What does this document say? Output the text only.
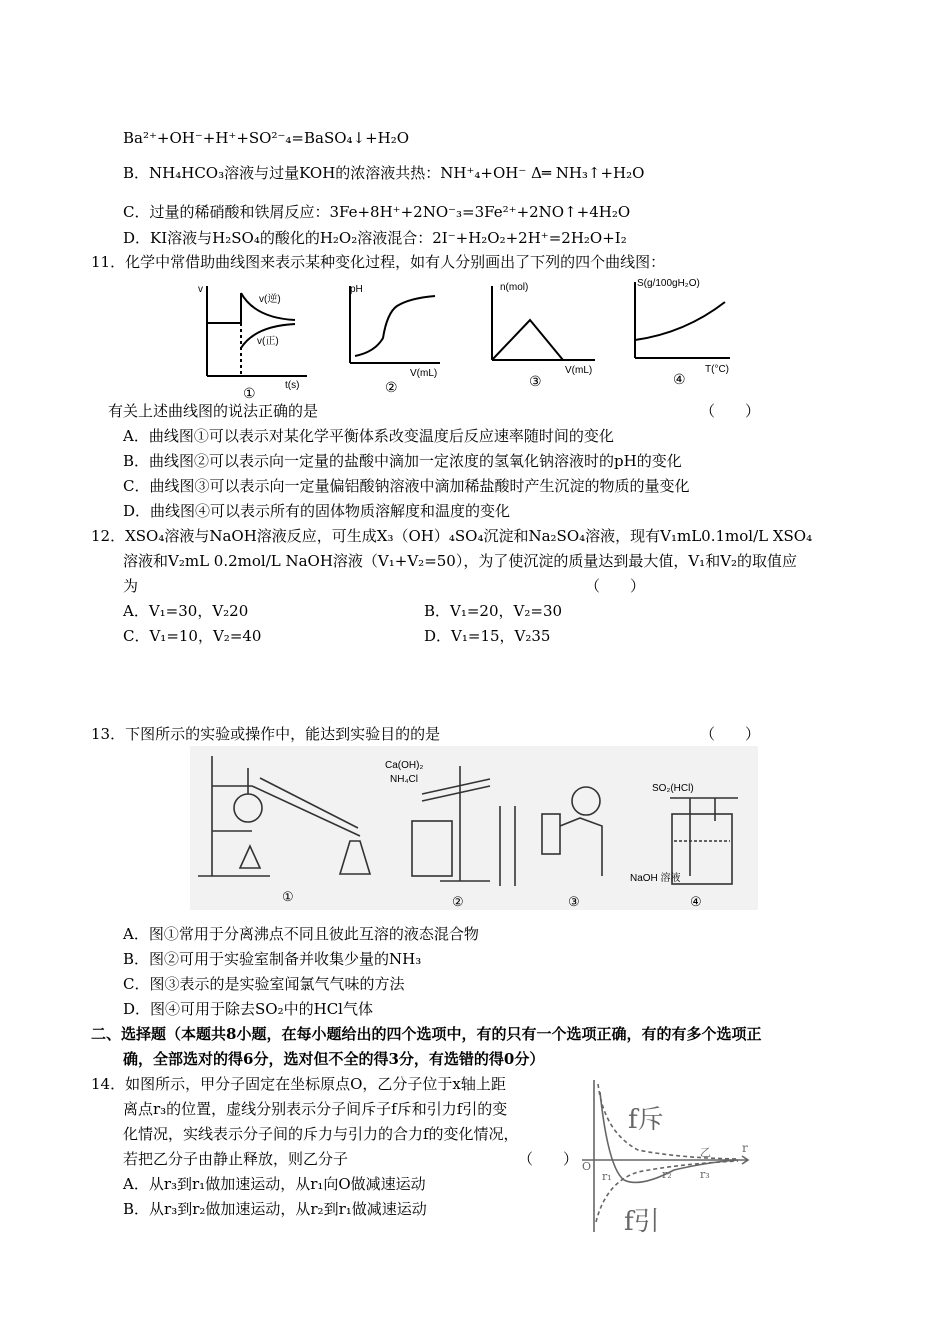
Ba²⁺+OH⁻+H⁺+SO²⁻₄=BaSO₄↓+H₂O
B．NH₄HCO₃溶液与过量KOH的浓溶液共热：NH⁺₄+OH⁻ Δ═ NH₃↑+H₂O
C．过量的稀硝酸和铁屑反应：3Fe+8H⁺+2NO⁻₃=3Fe²⁺+2NO↑+4H₂O
D．KI溶液与H₂SO₄的酸化的H₂O₂溶液混合：2I⁻+H₂O₂+2H⁺=2H₂O+I₂
11．化学中常借助曲线图来表示某种变化过程，如有人分别画出了下列的四个曲线图：
v
v(逆)
v(正)
t(s)
①
pH
V(mL)
②
n(mol)
V(mL)
③
S(g/100gH₂O)
T(°C)
④
有关上述曲线图的说法正确的是	（　　）
A．曲线图①可以表示对某化学平衡体系改变温度后反应速率随时间的变化
B．曲线图②可以表示向一定量的盐酸中滴加一定浓度的氢氧化钠溶液时的pH的变化
C．曲线图③可以表示向一定量偏铝酸钠溶液中滴加稀盐酸时产生沉淀的物质的量变化
D．曲线图④可以表示所有的固体物质溶解度和温度的变化
12．XSO₄溶液与NaOH溶液反应，可生成X₃（OH）₄SO₄沉淀和Na₂SO₄溶液，现有V₁mL0.1mol/L XSO₄
溶液和V₂mL 0.2mol/L NaOH溶液（V₁+V₂=50），为了使沉淀的质量达到最大值，V₁和V₂的取值应
为	（　　）
A．V₁=30，V₂20	B．V₁=20，V₂=30
C．V₁=10，V₂=40	D．V₁=15，V₂35
13．下图所示的实验或操作中，能达到实验目的的是	（　　）
Ca(OH)₂
NH₄Cl
SO₂(HCl)
NaOH 溶液
①	②	③	④
A．图①常用于分离沸点不同且彼此互溶的液态混合物
B．图②可用于实验室制备并收集少量的NH₃
C．图③表示的是实验室闻氯气气味的方法
D．图④可用于除去SO₂中的HCl气体
二、选择题（本题共8小题，在每小题给出的四个选项中，有的只有一个选项正确，有的有多个选项正
确，全部选对的得6分，选对但不全的得3分，有选错的得0分）
14．如图所示，甲分子固定在坐标原点O，乙分子位于x轴上距
离点r₃的位置，虚线分别表示分子间斥子f斥和引力f引的变
化情况，实线表示分子间的斥力与引力的合力f的变化情况，
若把乙分子由静止释放，则乙分子	（　　）
A．从r₃到r₁做加速运动，从r₁向O做减速运动
B．从r₃到r₂做加速运动，从r₂到r₁做减速运动
f斥
f引
O
r₁	r₂	r₃
乙	r
